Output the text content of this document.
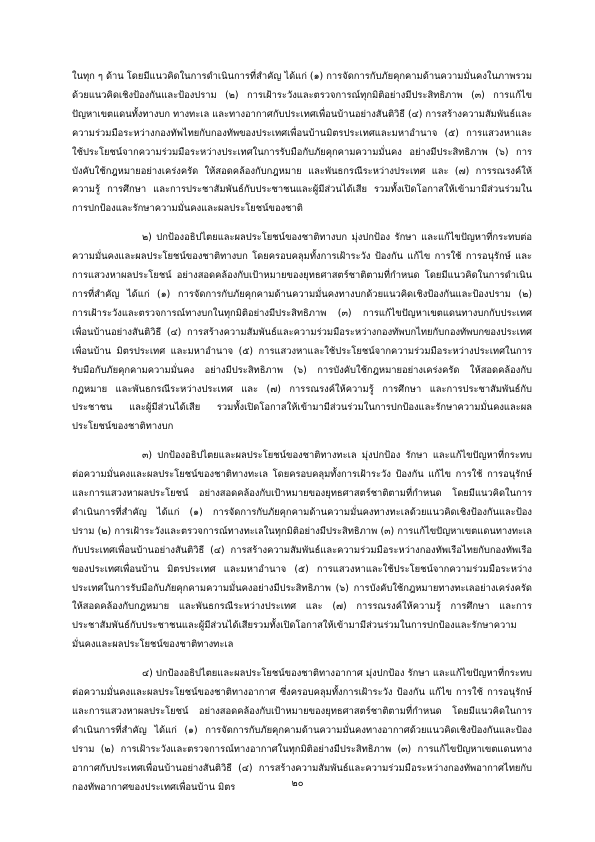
ในทุก ๆ ด้าน โดยมีแนวคิดในการดำเนินการที่สำคัญ ได้แก่ (๑) การจัดการกับภัยคุกคามด้านความมั่นคงในภาพรวมด้วยแนวคิดเชิงป้องกันและป้องปราม (๒) การเฝ้าระวังและตรวจการณ์ทุกมิติอย่างมีประสิทธิภาพ (๓) การแก้ไขปัญหาเขตแดนทั้งทางบก ทางทะเล และทางอากาศกับประเทศเพื่อนบ้านอย่างสันติวิธี (๔) การสร้างความสัมพันธ์และความร่วมมือระหว่างกองทัพไทยกับกองทัพของประเทศเพื่อนบ้านมิตรประเทศและมหาอำนาจ (๕) การแสวงหาและใช้ประโยชน์จากความร่วมมือระหว่างประเทศในการรับมือกับภัยคุกคามความมั่นคง อย่างมีประสิทธิภาพ (๖) การบังคับใช้กฎหมายอย่างเคร่งครัด ให้สอดคล้องกับกฎหมาย และพันธกรณีระหว่างประเทศ และ (๗) การรณรงค์ให้ความรู้ การศึกษา และการประชาสัมพันธ์กับประชาชนและผู้มีส่วนได้เสีย รวมทั้งเปิดโอกาสให้เข้ามามีส่วนร่วมในการปกป้องและรักษาความมั่นคงและผลประโยชน์ของชาติ

๒) ปกป้องอธิปไตยและผลประโยชน์ของชาติทางบก มุ่งปกป้อง รักษา และแก้ไขปัญหาที่กระทบต่อความมั่นคงและผลประโยชน์ของชาติทางบก โดยครอบคลุมทั้งการเฝ้าระวัง ป้องกัน แก้ไข การใช้ การอนุรักษ์ และการแสวงหาผลประโยชน์ อย่างสอดคล้องกับเป้าหมายของยุทธศาสตร์ชาติตามที่กำหนด โดยมีแนวคิดในการดำเนินการที่สำคัญ ได้แก่ (๑) การจัดการกับภัยคุกคามด้านความมั่นคงทางบกด้วยแนวคิดเชิงป้องกันและป้องปราม (๒) การเฝ้าระวังและตรวจการณ์ทางบกในทุกมิติอย่างมีประสิทธิภาพ (๓) การแก้ไขปัญหาเขตแดนทางบกกับประเทศเพื่อนบ้านอย่างสันติวิธี (๔) การสร้างความสัมพันธ์และความร่วมมือระหว่างกองทัพบกไทยกับกองทัพบกของประเทศเพื่อนบ้าน มิตรประเทศ และมหาอำนาจ (๕) การแสวงหาและใช้ประโยชน์จากความร่วมมือระหว่างประเทศในการรับมือกับภัยคุกคามความมั่นคง อย่างมีประสิทธิภาพ (๖) การบังคับใช้กฎหมายอย่างเคร่งครัด ให้สอดคล้องกับกฎหมาย และพันธกรณีระหว่างประเทศ และ (๗) การรณรงค์ให้ความรู้ การศึกษา และการประชาสัมพันธ์กับประชาชน และผู้มีส่วนได้เสีย รวมทั้งเปิดโอกาสให้เข้ามามีส่วนร่วมในการปกป้องและรักษาความมั่นคงและผลประโยชน์ของชาติทางบก

๓) ปกป้องอธิปไตยและผลประโยชน์ของชาติทางทะเล มุ่งปกป้อง รักษา และแก้ไขปัญหาที่กระทบต่อความมั่นคงและผลประโยชน์ของชาติทางทะเล โดยครอบคลุมทั้งการเฝ้าระวัง ป้องกัน แก้ไข การใช้ การอนุรักษ์ และการแสวงหาผลประโยชน์ อย่างสอดคล้องกับเป้าหมายของยุทธศาสตร์ชาติตามที่กำหนด โดยมีแนวคิดในการดำเนินการที่สำคัญ ได้แก่ (๑) การจัดการกับภัยคุกคามด้านความมั่นคงทางทะเลด้วยแนวคิดเชิงป้องกันและป้องปราม (๒) การเฝ้าระวังและตรวจการณ์ทางทะเลในทุกมิติอย่างมีประสิทธิภาพ (๓) การแก้ไขปัญหาเขตแดนทางทะเลกับประเทศเพื่อนบ้านอย่างสันติวิธี (๔) การสร้างความสัมพันธ์และความร่วมมือระหว่างกองทัพเรือไทยกับกองทัพเรือของประเทศเพื่อนบ้าน มิตรประเทศ และมหาอำนาจ (๕) การแสวงหาและใช้ประโยชน์จากความร่วมมือระหว่างประเทศในการรับมือกับภัยคุกคามความมั่นคงอย่างมีประสิทธิภาพ (๖) การบังคับใช้กฎหมายทางทะเลอย่างเคร่งครัด ให้สอดคล้องกับกฎหมาย และพันธกรณีระหว่างประเทศ และ (๗) การรณรงค์ให้ความรู้ การศึกษา และการประชาสัมพันธ์กับประชาชนและผู้มีส่วนได้เสียรวมทั้งเปิดโอกาสให้เข้ามามีส่วนร่วมในการปกป้องและรักษาความมั่นคงและผลประโยชน์ของชาติทางทะเล

๔) ปกป้องอธิปไตยและผลประโยชน์ของชาติทางอากาศ มุ่งปกป้อง รักษา และแก้ไขปัญหาที่กระทบต่อความมั่นคงและผลประโยชน์ของชาติทางอากาศ ซึ่งครอบคลุมทั้งการเฝ้าระวัง ป้องกัน แก้ไข การใช้ การอนุรักษ์ และการแสวงหาผลประโยชน์ อย่างสอดคล้องกับเป้าหมายของยุทธศาสตร์ชาติตามที่กำหนด โดยมีแนวคิดในการดำเนินการที่สำคัญ ได้แก่ (๑) การจัดการกับภัยคุกคามด้านความมั่นคงทางอากาศด้วยแนวคิดเชิงป้องกันและป้องปราม (๒) การเฝ้าระวังและตรวจการณ์ทางอากาศในทุกมิติอย่างมีประสิทธิภาพ (๓) การแก้ไขปัญหาเขตแดนทางอากาศกับประเทศเพื่อนบ้านอย่างสันติวิธี (๔) การสร้างความสัมพันธ์และความร่วมมือระหว่างกองทัพอากาศไทยกับกองทัพอากาศของประเทศเพื่อนบ้าน มิตร	๒๐
